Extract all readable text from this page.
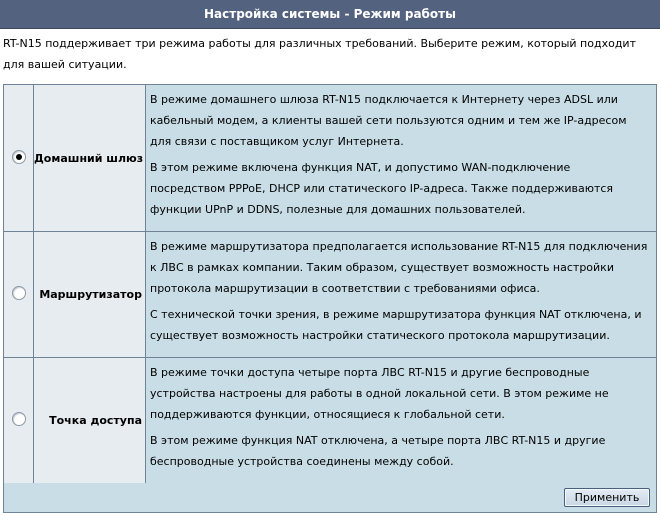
Настройка системы - Режим работы
RT-N15 поддерживает три режима работы для различных требований. Выберите режим, который подходит для вашей ситуации.
	Домашний шлюз	В режиме домашнего шлюза RT-N15 подключается к Интернету через ADSL или кабельный модем, а клиенты вашей сети пользуются одним и тем же IP-адресом для связи с поставщиком услуг Интернета.

В этом режиме включена функция NAT, и допустимо WAN-подключение посредством PPPoE, DHCP или статического IP-адреса. Также поддерживаются функции UPnP и DDNS, полезные для домашних пользователей.

	Маршрутизатор	В режиме маршрутизатора предполагается использование RT-N15 для подключения к ЛВС в рамках компании. Таким образом, существует возможность настройки протокола маршрутизации в соответствии с требованиями офиса.

С технической точки зрения, в режиме маршрутизатора функция NAT отключена, и существует возможность настройки статического протокола маршрутизации.

	Точка доступа	В режиме точки доступа четыре порта ЛВС RT-N15 и другие беспроводные устройства настроены для работы в одной локальной сети. В этом режиме не поддерживаются функции, относящиеся к глобальной сети.

В этом режиме функция NAT отключена, а четыре порта ЛВС RT-N15 и другие беспроводные устройства соединены между собой.

Применить
